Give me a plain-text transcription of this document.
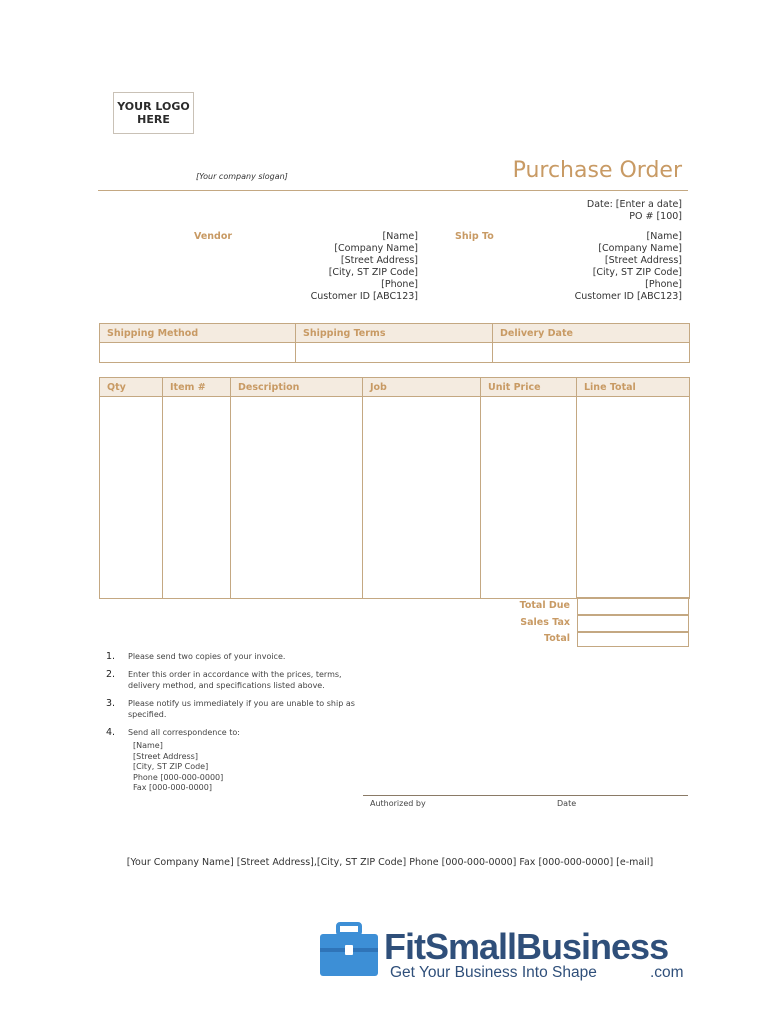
YOUR LOGO
HERE
[Your company slogan]	Purchase Order
Date: [Enter a date]
PO # [100]
Vendor	[Name]
[Company Name]
[Street Address]
[City, ST ZIP Code]
[Phone]
Customer ID [ABC123]
Ship To	[Name]
[Company Name]
[Street Address]
[City, ST ZIP Code]
[Phone]
Customer ID [ABC123]
Shipping Method	Shipping Terms	Delivery Date

Qty	Item #	Description	Job	Unit Price	Line Total

Total Due
Sales Tax
Total
1.	Please send two copies of your invoice.
2.	Enter this order in accordance with the prices, terms, delivery method, and specifications listed above.
3.	Please notify us immediately if you are unable to ship as specified.
4.	Send all correspondence to:
[Name]
[Street Address]
[City, ST ZIP Code]
Phone [000-000-0000]
Fax [000-000-0000]
Authorized by	Date
[Your Company Name] [Street Address],[City, ST ZIP Code] Phone [000-000-0000] Fax [000-000-0000] [e-mail]
FitSmallBusiness
Get Your Business Into Shape	.com
